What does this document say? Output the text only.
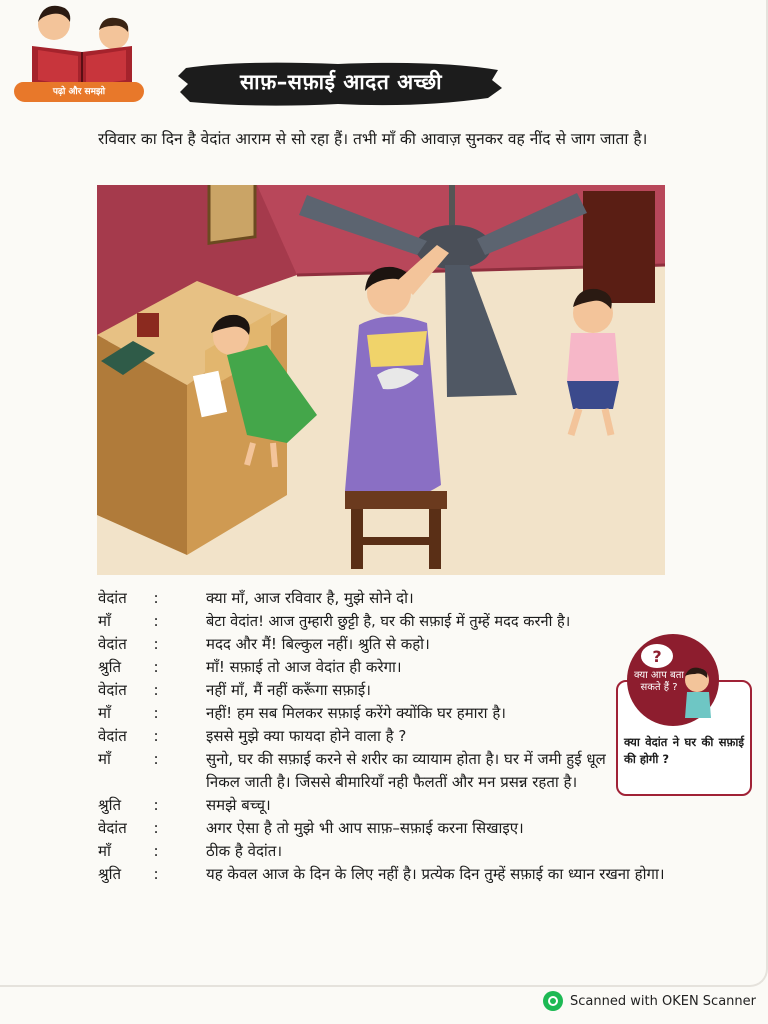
पढ़ो और समझो	साफ़–सफ़ाई आदत अच्छी
रविवार का दिन है वेदांत आराम से सो रहा हैं। तभी माँ की आवाज़ सुनकर वह नींद से जाग जाता है।
वेदांत	:	क्या माँ, आज रविवार है, मुझे सोने दो।
माँ	:	बेटा वेदांत! आज तुम्हारी छुट्टी है, घर की सफ़ाई में तुम्हें मदद करनी है।
वेदांत	:	मदद और मैं! बिल्कुल नहीं। श्रुति से कहो।
श्रुति	:	माँ! सफ़ाई तो आज वेदांत ही करेगा।
वेदांत	:	नहीं माँ, मैं नहीं करूँगा सफ़ाई।
माँ	:	नहीं! हम सब मिलकर सफ़ाई करेंगे क्योंकि घर हमारा है।
वेदांत	:	इससे मुझे क्या फायदा होने वाला है ?
माँ	:	सुनो, घर की सफ़ाई करने से शरीर का व्यायाम होता है। घर में जमी हुई धूल निकल जाती है। जिससे बीमारियाँ नही फैलतीं और मन प्रसन्न रहता है।
श्रुति	:	समझे बच्चू।
वेदांत	:	अगर ऐसा है तो मुझे भी आप साफ़–सफ़ाई करना सिखाइए।
माँ	:	ठीक है वेदांत।
श्रुति	:	यह केवल आज के दिन के लिए नहीं है। प्रत्येक दिन तुम्हें सफ़ाई का ध्यान रखना होगा।
?
क्या आप बता सकते हैं ?
क्या वेदांत ने घर की सफ़ाई की होगी ?
Scanned with OKEN Scanner
